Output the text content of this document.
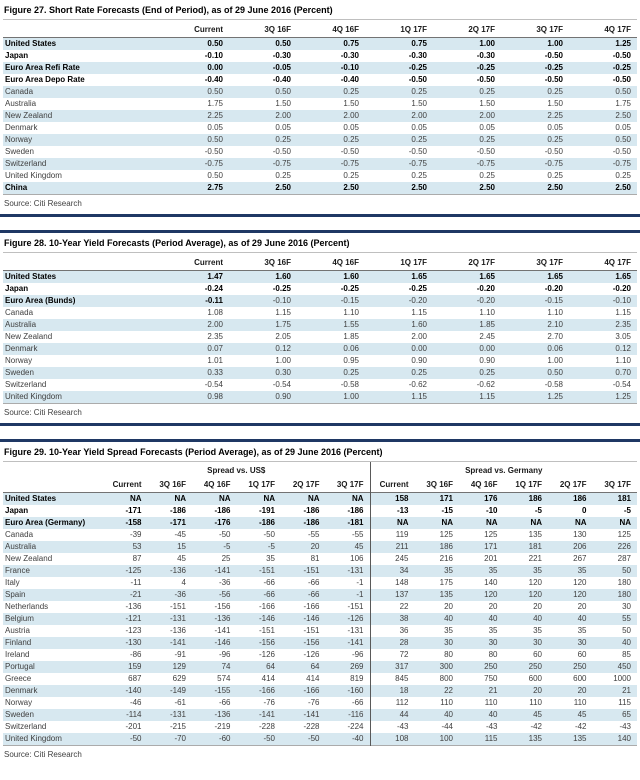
Figure 27. Short Rate Forecasts (End of Period), as of 29 June 2016 (Percent)
	Current	3Q 16F	4Q 16F	1Q 17F	2Q 17F	3Q 17F	4Q 17F
United States	0.50	0.50	0.75	0.75	1.00	1.00	1.25
Japan	-0.10	-0.30	-0.30	-0.30	-0.30	-0.50	-0.50
Euro Area Refi Rate	0.00	-0.05	-0.10	-0.25	-0.25	-0.25	-0.25
Euro Area Depo Rate	-0.40	-0.40	-0.40	-0.50	-0.50	-0.50	-0.50
Canada	0.50	0.50	0.25	0.25	0.25	0.25	0.50
Australia	1.75	1.50	1.50	1.50	1.50	1.50	1.75
New Zealand	2.25	2.00	2.00	2.00	2.00	2.25	2.50
Denmark	0.05	0.05	0.05	0.05	0.05	0.05	0.05
Norway	0.50	0.25	0.25	0.25	0.25	0.25	0.50
Sweden	-0.50	-0.50	-0.50	-0.50	-0.50	-0.50	-0.50
Switzerland	-0.75	-0.75	-0.75	-0.75	-0.75	-0.75	-0.75
United Kingdom	0.50	0.25	0.25	0.25	0.25	0.25	0.25
China	2.75	2.50	2.50	2.50	2.50	2.50	2.50
Source: Citi Research
Figure 28. 10-Year Yield Forecasts (Period Average), as of 29 June 2016 (Percent)
	Current	3Q 16F	4Q 16F	1Q 17F	2Q 17F	3Q 17F	4Q 17F
United States	1.47	1.60	1.60	1.65	1.65	1.65	1.65
Japan	-0.24	-0.25	-0.25	-0.25	-0.20	-0.20	-0.20
Euro Area (Bunds)	-0.11	-0.10	-0.15	-0.20	-0.20	-0.15	-0.10
Canada	1.08	1.15	1.10	1.15	1.10	1.10	1.15
Australia	2.00	1.75	1.55	1.60	1.85	2.10	2.35
New Zealand	2.35	2.05	1.85	2.00	2.45	2.70	3.05
Denmark	0.07	0.12	0.06	0.00	0.00	0.06	0.12
Norway	1.01	1.00	0.95	0.90	0.90	1.00	1.10
Sweden	0.33	0.30	0.25	0.25	0.25	0.50	0.70
Switzerland	-0.54	-0.54	-0.58	-0.62	-0.62	-0.58	-0.54
United Kingdom	0.98	0.90	1.00	1.15	1.15	1.25	1.25
Source: Citi Research
Figure 29. 10-Year Yield Spread Forecasts (Period Average), as of 29 June 2016 (Percent)
	Spread vs. US$						Spread vs. Germany					
	Current	3Q 16F	4Q 16F	1Q 17F	2Q 17F	3Q 17F	Current	3Q 16F	4Q 16F	1Q 17F	2Q 17F	3Q 17F
United States	NA	NA	NA	NA	NA	NA	158	171	176	186	186	181
Japan	-171	-186	-186	-191	-186	-186	-13	-15	-10	-5	0	-5
Euro Area (Germany)	-158	-171	-176	-186	-186	-181	NA	NA	NA	NA	NA	NA
Canada	-39	-45	-50	-50	-55	-55	119	125	125	135	130	125
Australia	53	15	-5	-5	20	45	211	186	171	181	206	226
New Zealand	87	45	25	35	81	106	245	216	201	221	267	287
France	-125	-136	-141	-151	-151	-131	34	35	35	35	35	50
Italy	-11	4	-36	-66	-66	-1	148	175	140	120	120	180
Spain	-21	-36	-56	-66	-66	-1	137	135	120	120	120	180
Netherlands	-136	-151	-156	-166	-166	-151	22	20	20	20	20	30
Belgium	-121	-131	-136	-146	-146	-126	38	40	40	40	40	55
Austria	-123	-136	-141	-151	-151	-131	36	35	35	35	35	50
Finland	-130	-141	-146	-156	-156	-141	28	30	30	30	30	40
Ireland	-86	-91	-96	-126	-126	-96	72	80	80	60	60	85
Portugal	159	129	74	64	64	269	317	300	250	250	250	450
Greece	687	629	574	414	414	819	845	800	750	600	600	1000
Denmark	-140	-149	-155	-166	-166	-160	18	22	21	20	20	21
Norway	-46	-61	-66	-76	-76	-66	112	110	110	110	110	115
Sweden	-114	-131	-136	-141	-141	-116	44	40	40	45	45	65
Switzerland	-201	-215	-219	-228	-228	-224	-43	-44	-43	-42	-42	-43
United Kingdom	-50	-70	-60	-50	-50	-40	108	100	115	135	135	140
Source: Citi Research
